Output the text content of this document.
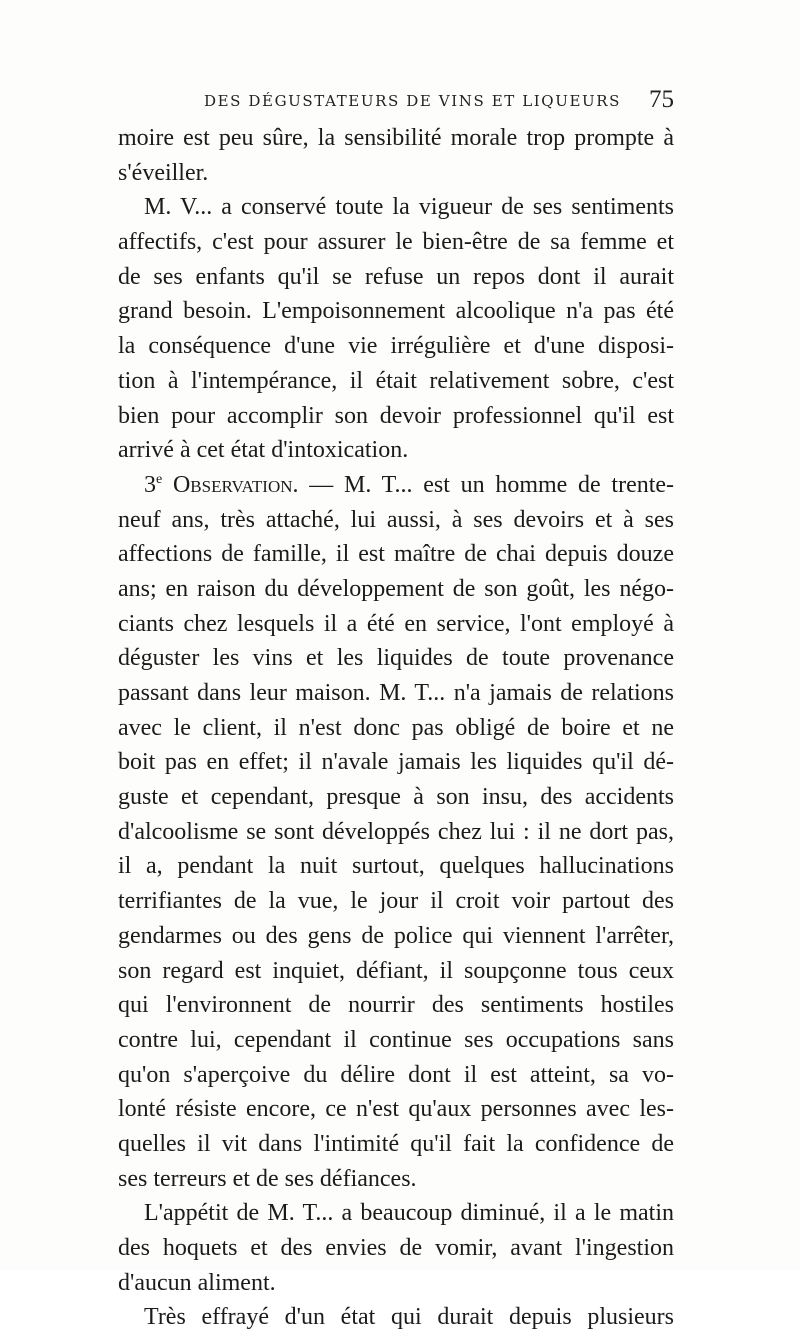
DES DÉGUSTATEURS DE VINS ET LIQUEURS 75
moire est peu sûre, la sensibilité morale trop prompte à
s'éveiller.
M. V... a conservé toute la vigueur de ses sentiments
affectifs, c'est pour assurer le bien-être de sa femme et
de ses enfants qu'il se refuse un repos dont il aurait
grand besoin. L'empoisonnement alcoolique n'a pas été
la conséquence d'une vie irrégulière et d'une disposi-
tion à l'intempérance, il était relativement sobre, c'est
bien pour accomplir son devoir professionnel qu'il est
arrivé à cet état d'intoxication.
3e Observation. — M. T... est un homme de trente-
neuf ans, très attaché, lui aussi, à ses devoirs et à ses
affections de famille, il est maître de chai depuis douze
ans; en raison du développement de son goût, les négo-
ciants chez lesquels il a été en service, l'ont employé à
déguster les vins et les liquides de toute provenance
passant dans leur maison. M. T... n'a jamais de relations
avec le client, il n'est donc pas obligé de boire et ne
boit pas en effet; il n'avale jamais les liquides qu'il dé-
guste et cependant, presque à son insu, des accidents
d'alcoolisme se sont développés chez lui : il ne dort pas,
il a, pendant la nuit surtout, quelques hallucinations
terrifiantes de la vue, le jour il croit voir partout des
gendarmes ou des gens de police qui viennent l'arrêter,
son regard est inquiet, défiant, il soupçonne tous ceux
qui l'environnent de nourrir des sentiments hostiles
contre lui, cependant il continue ses occupations sans
qu'on s'aperçoive du délire dont il est atteint, sa vo-
lonté résiste encore, ce n'est qu'aux personnes avec les-
quelles il vit dans l'intimité qu'il fait la confidence de
ses terreurs et de ses défiances.
L'appétit de M. T... a beaucoup diminué, il a le matin
des hoquets et des envies de vomir, avant l'ingestion
d'aucun aliment.
Très effrayé d'un état qui durait depuis plusieurs
